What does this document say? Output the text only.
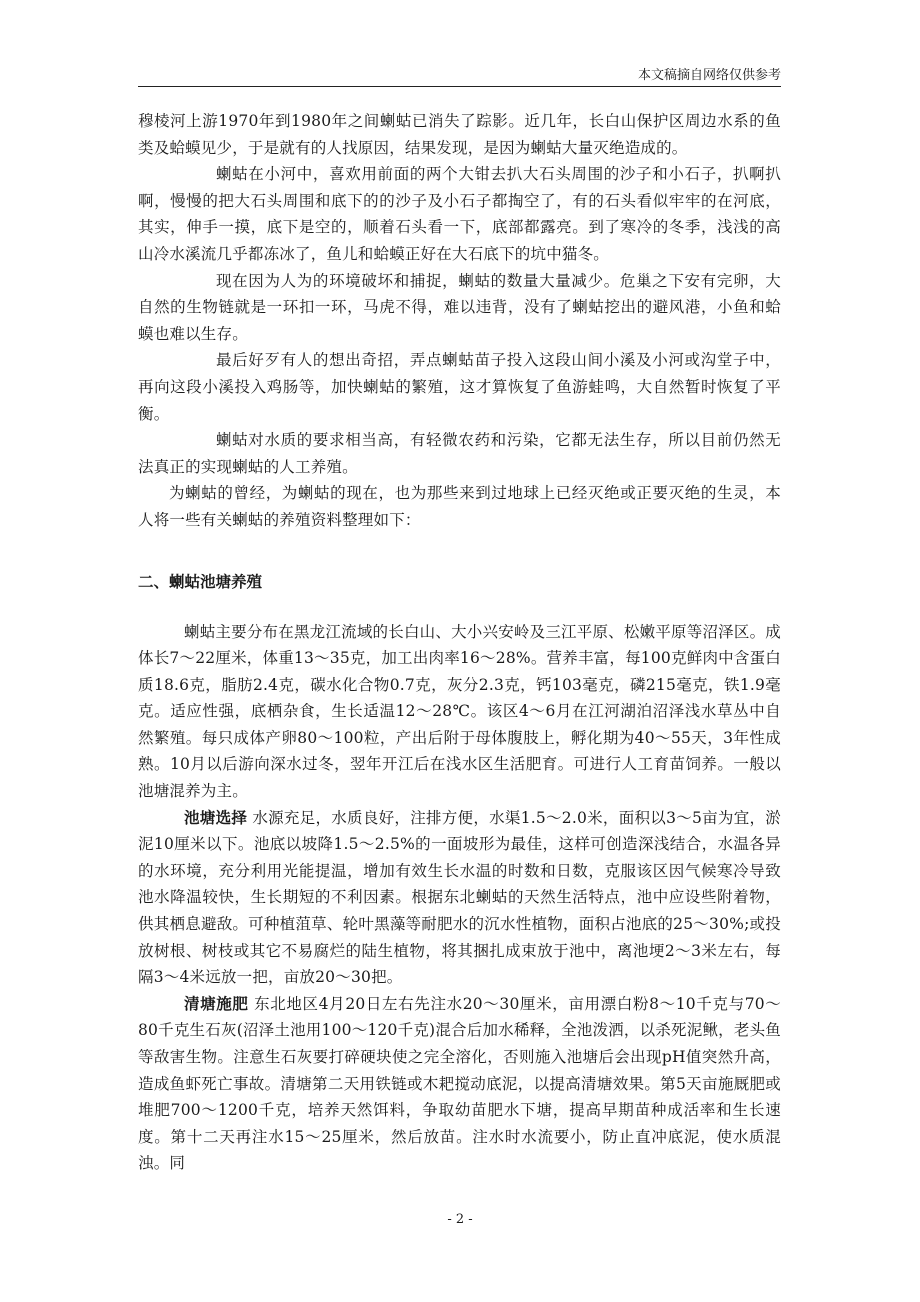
本文稿摘自网络仅供参考

穆棱河上游1970年到1980年之间蝲蛄已消失了踪影。近几年，长白山保护区周边水系的鱼类及蛤蟆见少，于是就有的人找原因，结果发现，是因为蝲蛄大量灭绝造成的。

蝲蛄在小河中，喜欢用前面的两个大钳去扒大石头周围的沙子和小石子，扒啊扒啊，慢慢的把大石头周围和底下的的沙子及小石子都掏空了，有的石头看似牢牢的在河底，其实，伸手一摸，底下是空的，顺着石头看一下，底部都露亮。到了寒冷的冬季，浅浅的高山冷水溪流几乎都冻冰了，鱼儿和蛤蟆正好在大石底下的坑中猫冬。

现在因为人为的环境破坏和捕捉，蝲蛄的数量大量减少。危巢之下安有完卵，大自然的生物链就是一环扣一环，马虎不得，难以违背，没有了蝲蛄挖出的避风港，小鱼和蛤蟆也难以生存。

最后好歹有人的想出奇招，弄点蝲蛄苗子投入这段山间小溪及小河或沟堂子中，再向这段小溪投入鸡肠等，加快蝲蛄的繁殖，这才算恢复了鱼游蛙鸣，大自然暂时恢复了平衡。

蝲蛄对水质的要求相当高，有轻微农药和污染，它都无法生存，所以目前仍然无法真正的实现蝲蛄的人工养殖。

为蝲蛄的曾经，为蝲蛄的现在，也为那些来到过地球上已经灭绝或正要灭绝的生灵，本人将一些有关蝲蛄的养殖资料整理如下：

二、蝲蛄池塘养殖

蝲蛄主要分布在黑龙江流域的长白山、大小兴安岭及三江平原、松嫩平原等沼泽区。成体长7～22厘米，体重13～35克，加工出肉率16～28%。营养丰富，每100克鲜肉中含蛋白质18.6克，脂肪2.4克，碳水化合物0.7克，灰分2.3克，钙103毫克，磷215毫克，铁1.9毫克。适应性强，底栖杂食，生长适温12～28℃。该区4～6月在江河湖泊沼泽浅水草丛中自然繁殖。每只成体产卵80～100粒，产出后附于母体腹肢上，孵化期为40～55天，3年性成熟。10月以后游向深水过冬，翌年开江后在浅水区生活肥育。可进行人工育苗饲养。一般以池塘混养为主。

池塘选择 水源充足，水质良好，注排方便，水渠1.5～2.0米，面积以3～5亩为宜，淤泥10厘米以下。池底以坡降1.5～2.5%的一面坡形为最佳，这样可创造深浅结合，水温各异的水环境，充分利用光能提温，增加有效生长水温的时数和日数，克服该区因气候寒冷导致池水降温较快，生长期短的不利因素。根据东北蝲蛄的天然生活特点，池中应设些附着物，供其栖息避敌。可种植菹草、轮叶黑藻等耐肥水的沉水性植物，面积占池底的25～30%;或投放树根、树枝或其它不易腐烂的陆生植物，将其捆扎成束放于池中，离池埂2～3米左右，每隔3～4米远放一把，亩放20～30把。

清塘施肥 东北地区4月20日左右先注水20～30厘米，亩用漂白粉8～10千克与70～80千克生石灰(沼泽土池用100～120千克)混合后加水稀释，全池泼洒，以杀死泥鳅，老头鱼等敌害生物。注意生石灰要打碎硬块使之完全溶化，否则施入池塘后会出现pH值突然升高，造成鱼虾死亡事故。清塘第二天用铁链或木耙搅动底泥，以提高清塘效果。第5天亩施厩肥或堆肥700～1200千克，培养天然饵料，争取幼苗肥水下塘，提高早期苗种成活率和生长速度。第十二天再注水15～25厘米，然后放苗。注水时水流要小，防止直冲底泥，使水质混浊。同

- 2 -
